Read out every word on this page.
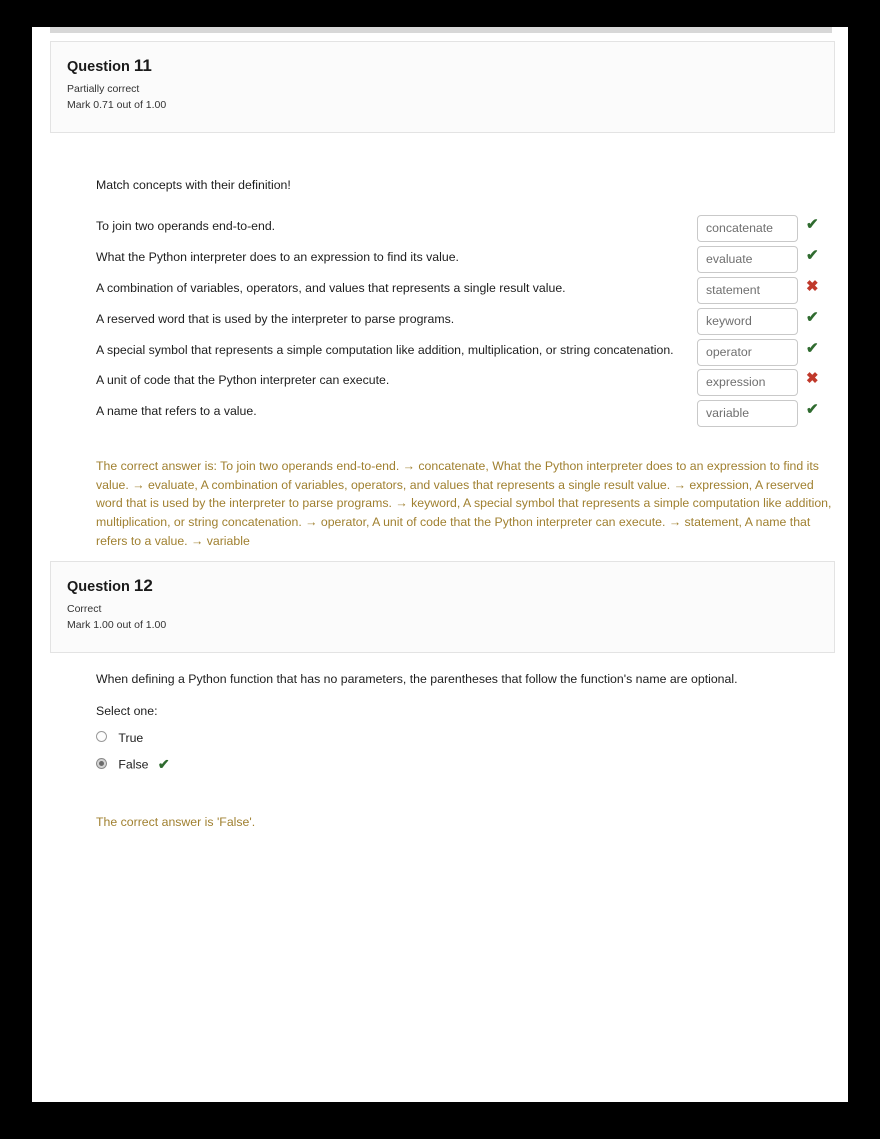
Question 11
Partially correct
Mark 0.71 out of 1.00
Match concepts with their definition!
To join two operands end-to-end.	concatenate	✔
What the Python interpreter does to an expression to find its value.	evaluate	✔
A combination of variables, operators, and values that represents a single result value.	statement	✖
A reserved word that is used by the interpreter to parse programs.	keyword	✔
A special symbol that represents a simple computation like addition, multiplication, or string concatenation.	operator	✔
A unit of code that the Python interpreter can execute.	expression	✖
A name that refers to a value.	variable	✔
The correct answer is: To join two operands end-to-end. → concatenate, What the Python interpreter does to an expression to find its value. → evaluate, A combination of variables, operators, and values that represents a single result value. → expression, A reserved word that is used by the interpreter to parse programs. → keyword, A special symbol that represents a simple computation like addition, multiplication, or string concatenation. → operator, A unit of code that the Python interpreter can execute. → statement, A name that refers to a value. → variable
Question 12
Correct
Mark 1.00 out of 1.00
When defining a Python function that has no parameters, the parentheses that follow the function's name are optional.
Select one:
True
False ✔
The correct answer is 'False'.
